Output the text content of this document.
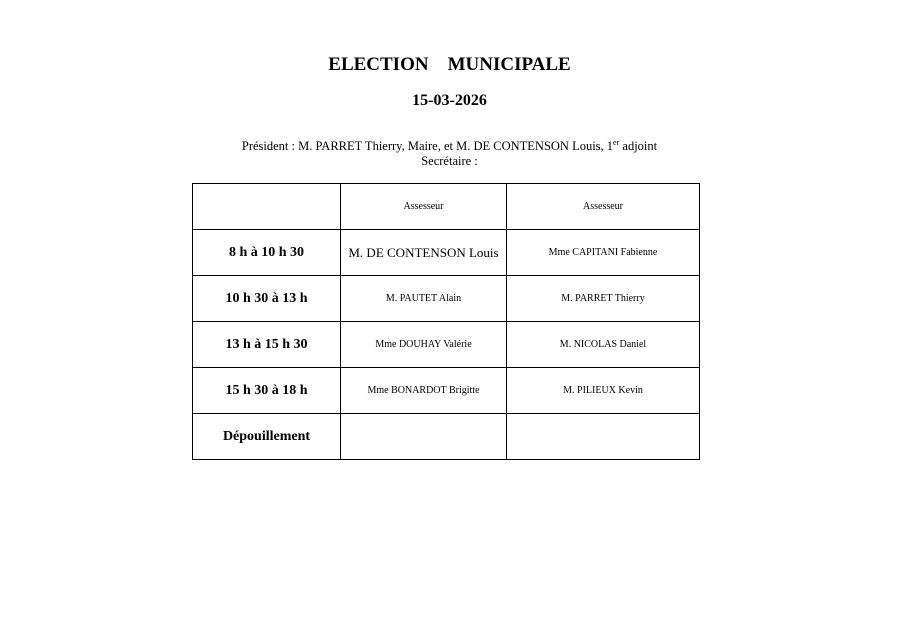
ELECTION    MUNICIPALE
15-03-2026
Président : M. PARRET Thierry, Maire, et M. DE CONTENSON Louis, 1er adjoint
Secrétaire :
	Assesseur	Assesseur
8 h à 10 h 30	M. DE CONTENSON Louis	Mme CAPITANI Fabienne
10 h 30 à 13 h	M. PAUTET Alain	M. PARRET Thierry
13 h à 15 h 30	Mme DOUHAY Valérie	M. NICOLAS Daniel
15 h 30 à 18 h	Mme BONARDOT Brigitte	M. PILIEUX Kevin
Dépouillement		
